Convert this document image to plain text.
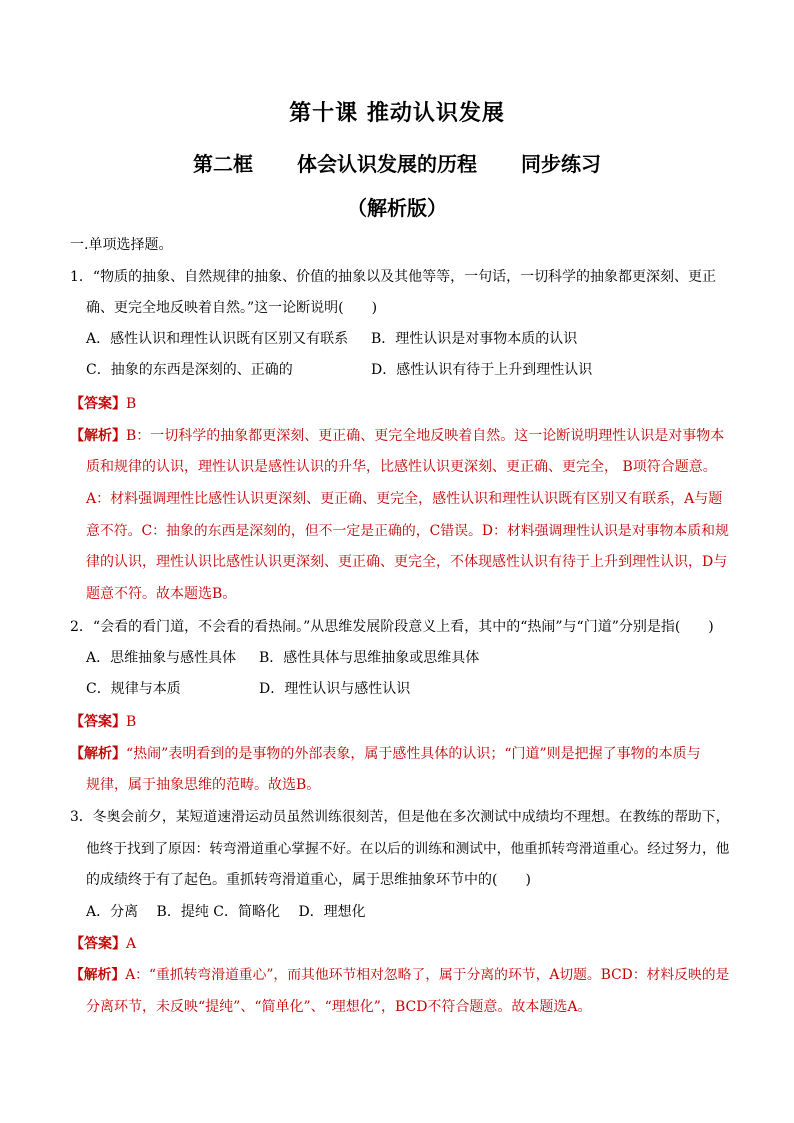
第十课 推动认识发展
第二框 体会认识发展的历程 同步练习
（解析版）
一.单项选择题。
1．“物质的抽象、自然规律的抽象、价值的抽象以及其他等等，一句话，一切科学的抽象都更深刻、更正
确、更完全地反映着自然。”这一论断说明(　　)
A．感性认识和理性认识既有区别又有联系 B．理性认识是对事物本质的认识
C．抽象的东西是深刻的、正确的	D．感性认识有待于上升到理性认识
【答案】B
【解析】B：一切科学的抽象都更深刻、更正确、更完全地反映着自然。这一论断说明理性认识是对事物本
质和规律的认识，理性认识是感性认识的升华，比感性认识更深刻、更正确、更完全， B项符合题意。
A：材料强调理性比感性认识更深刻、更正确、更完全，感性认识和理性认识既有区别又有联系，A与题
意不符。C：抽象的东西是深刻的，但不一定是正确的，C错误。D：材料强调理性认识是对事物本质和规
律的认识，理性认识比感性认识更深刻、更正确、更完全，不体现感性认识有待于上升到理性认识，D与
题意不符。故本题选B。
2．“会看的看门道，不会看的看热闹。”从思维发展阶段意义上看，其中的“热闹”与“门道”分别是指(　　)
A．思维抽象与感性具体 B．感性具体与思维抽象或思维具体
C．规律与本质	D．理性认识与感性认识
【答案】B
【解析】“热闹”表明看到的是事物的外部表象，属于感性具体的认识；“门道”则是把握了事物的本质与
规律，属于抽象思维的范畴。故选B。
3．冬奥会前夕，某短道速滑运动员虽然训练很刻苦，但是他在多次测试中成绩均不理想。在教练的帮助下，
他终于找到了原因：转弯滑道重心掌握不好。在以后的训练和测试中，他重抓转弯滑道重心。经过努力，他
的成绩终于有了起色。重抓转弯滑道重心，属于思维抽象环节中的(　　)
A．分离　 B．提纯 C．简略化　 D．理想化
【答案】A
【解析】A：“重抓转弯滑道重心”，而其他环节相对忽略了，属于分离的环节，A切题。BCD：材料反映的是
分离环节，未反映“提纯”、“简单化”、“理想化”，BCD不符合题意。故本题选A。
